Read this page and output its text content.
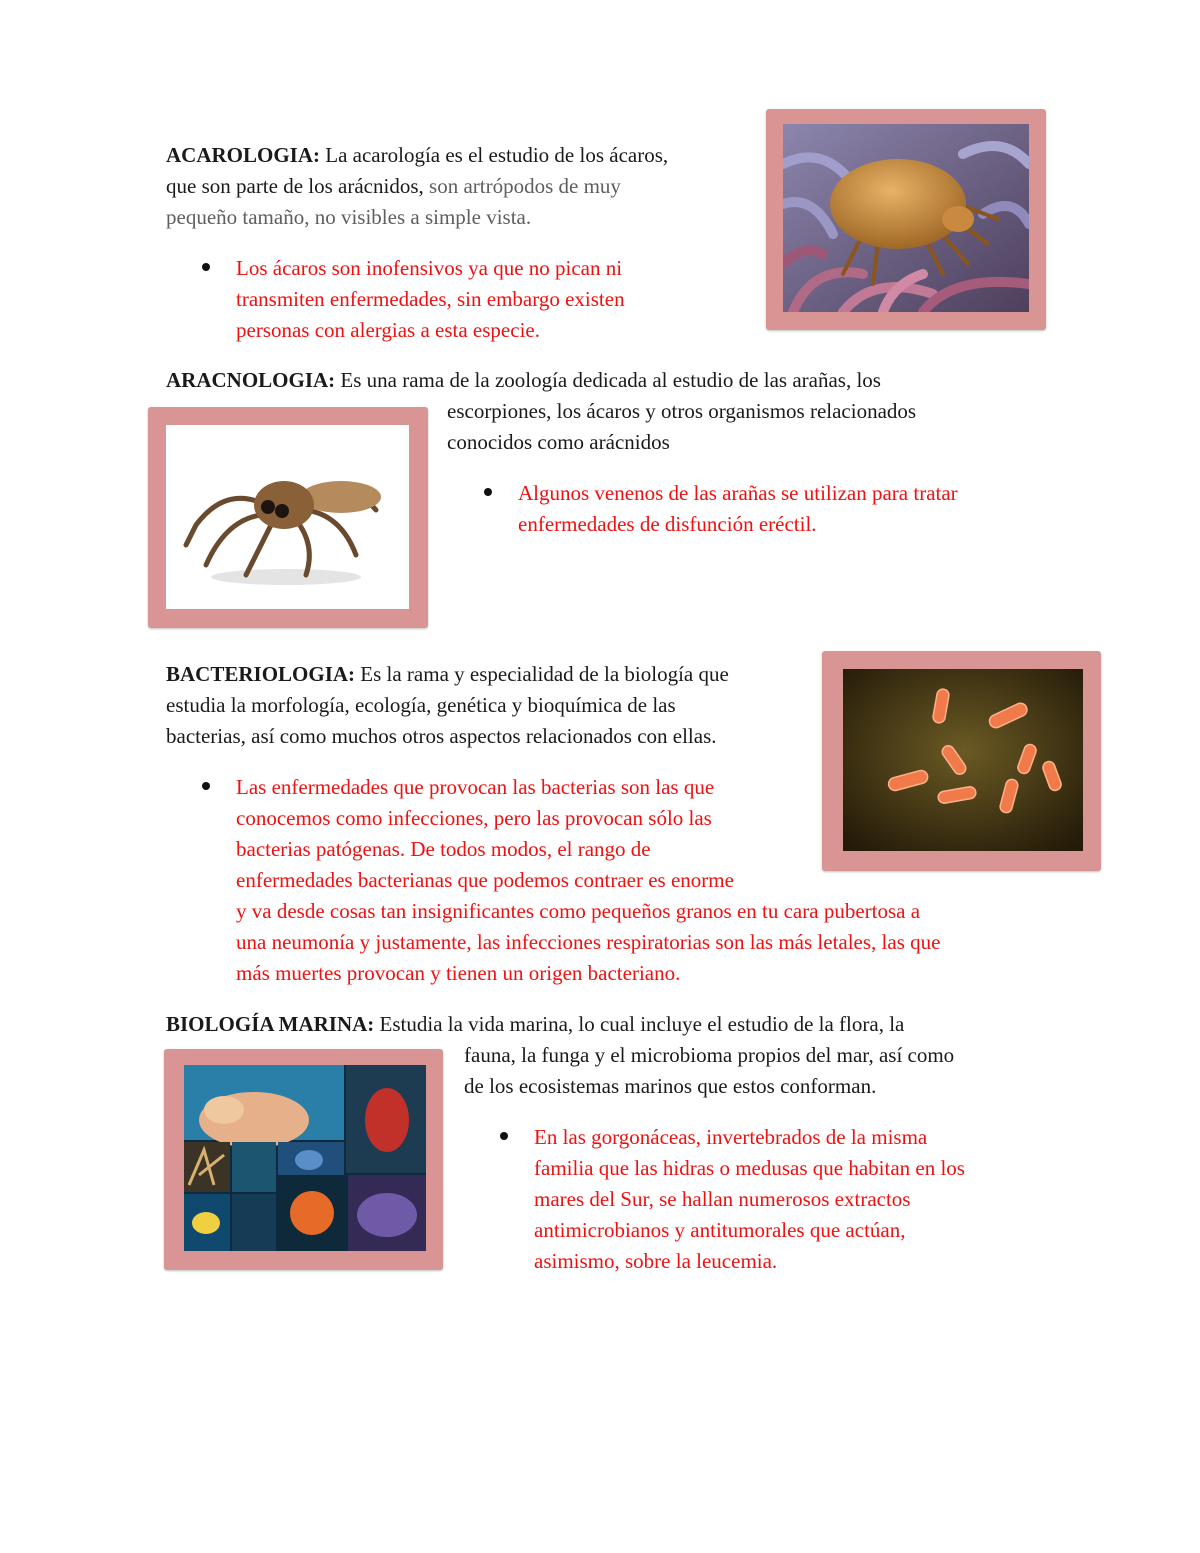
ACAROLOGIA: La acarología es el estudio de los ácaros,
que son parte de los arácnidos, son artrópodos de muy
pequeño tamaño, no visibles a simple vista.
Los ácaros son inofensivos ya que no pican ni
transmiten enfermedades, sin embargo existen
personas con alergias a esta especie.
ARACNOLOGIA: Es una rama de la zoología dedicada al estudio de las arañas, los
escorpiones, los ácaros y otros organismos relacionados
conocidos como arácnidos
Algunos venenos de las arañas se utilizan para tratar
enfermedades de disfunción eréctil.
BACTERIOLOGIA: Es la rama y especialidad de la biología que
estudia la morfología, ecología, genética y bioquímica de las
bacterias, así como muchos otros aspectos relacionados con ellas.
Las enfermedades que provocan las bacterias son las que
conocemos como infecciones, pero las provocan sólo las
bacterias patógenas. De todos modos, el rango de
enfermedades bacterianas que podemos contraer es enorme
y va desde cosas tan insignificantes como pequeños granos en tu cara pubertosa a
una neumonía y justamente, las infecciones respiratorias son las más letales, las que
más muertes provocan y tienen un origen bacteriano.
BIOLOGÍA MARINA: Estudia la vida marina, lo cual incluye el estudio de la flora, la
fauna, la funga y el microbioma propios del mar, así como
de los ecosistemas marinos que estos conforman.
En las gorgonáceas, invertebrados de la misma
familia que las hidras o medusas que habitan en los
mares del Sur, se hallan numerosos extractos
antimicrobianos y antitumorales que actúan,
asimismo, sobre la leucemia.
